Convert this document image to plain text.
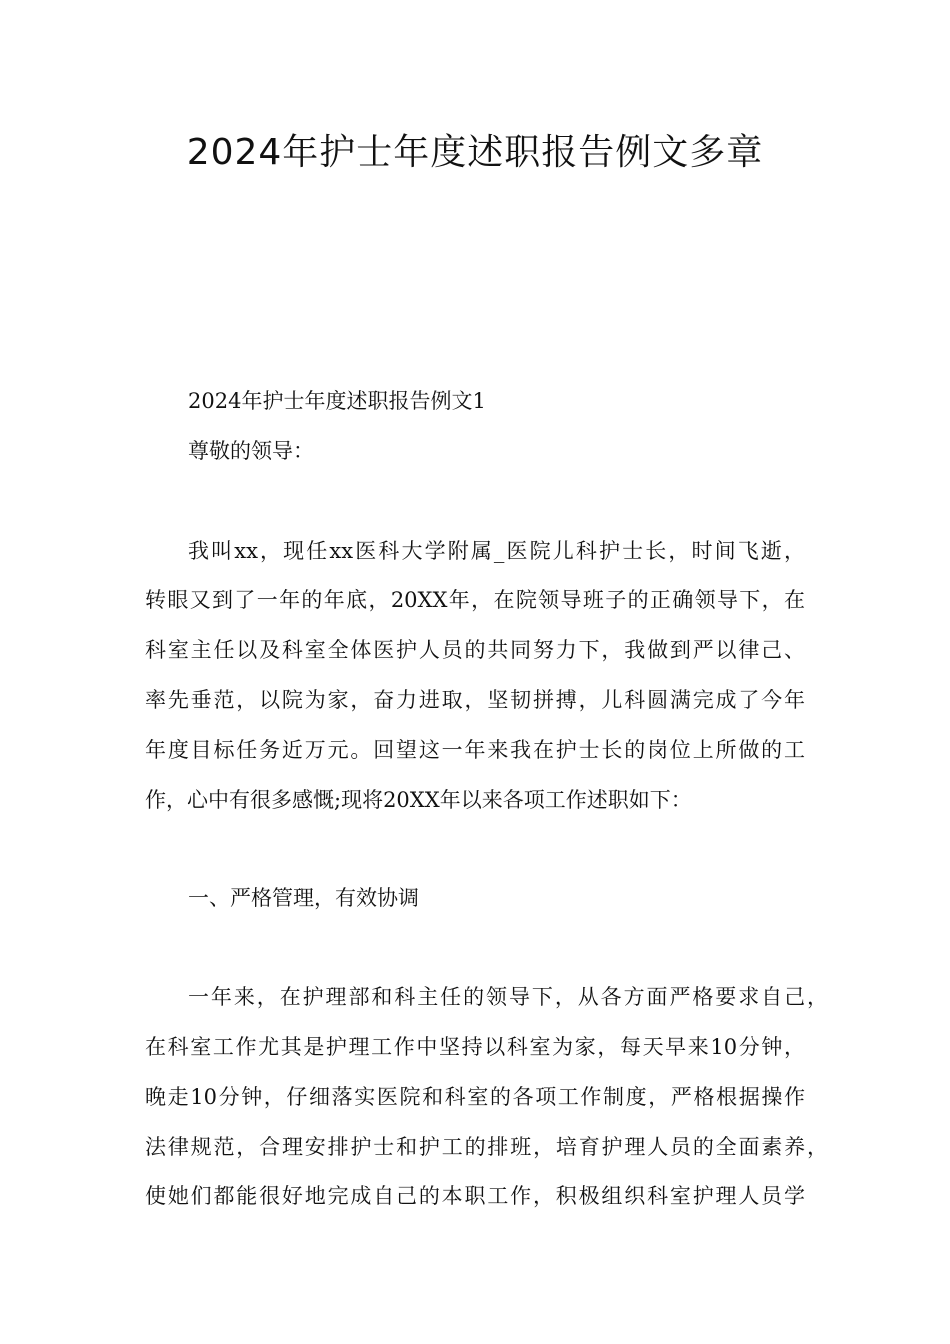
2024年护士年度述职报告例文多章
2024年护士年度述职报告例文1
尊敬的领导：
我叫xx，现任xx医科大学附属_医院儿科护士长，时间飞逝，
转眼又到了一年的年底，20XX年，在院领导班子的正确领导下，在
科室主任以及科室全体医护人员的共同努力下，我做到严以律己、
率先垂范，以院为家，奋力进取，坚韧拼搏，儿科圆满完成了今年
年度目标任务近万元。回望这一年来我在护士长的岗位上所做的工
作，心中有很多感慨;现将20XX年以来各项工作述职如下：
一、严格管理，有效协调
一年来，在护理部和科主任的领导下，从各方面严格要求自己，
在科室工作尤其是护理工作中坚持以科室为家，每天早来10分钟，
晚走10分钟，仔细落实医院和科室的各项工作制度，严格根据操作
法律规范，合理安排护士和护工的排班，培育护理人员的全面素养，
使她们都能很好地完成自己的本职工作，积极组织科室护理人员学
